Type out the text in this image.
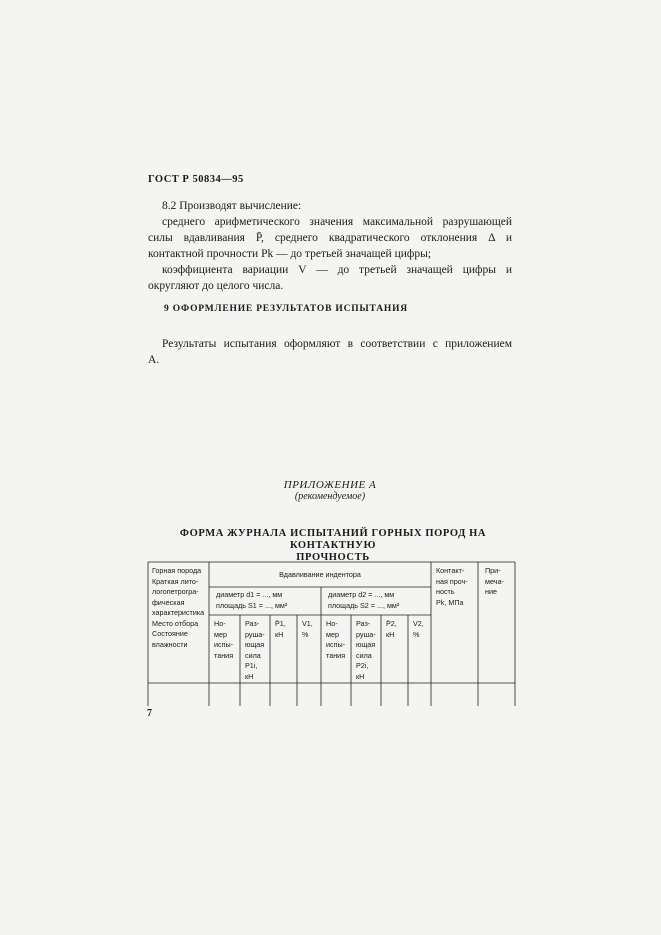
ГОСТ Р 50834—95
8.2 Производят вычисление:
среднего арифметического значения максимальной разрушающей
силы вдавливания P̄, среднего квадратического отклонения Δ и
контактной прочности Pk — до третьей значащей цифры;
коэффициента вариации V — до третьей значащей цифры и
округляют до целого числа.
9 ОФОРМЛЕНИЕ РЕЗУЛЬТАТОВ ИСПЫТАНИЯ
Результаты испытания оформляют в соответствии с приложением
А.
ПРИЛОЖЕНИЕ А
(рекомендуемое)
ФОРМА ЖУРНАЛА ИСПЫТАНИЙ ГОРНЫХ ПОРОД НА КОНТАКТНУЮ
ПРОЧНОСТЬ
Горная порода
Краткая лито-
логопетрогра-
фическая
характеристика
Место отбора
Состояние
влажности
Вдавливание индентора
диаметр d1 = ..., мм
площадь S1 = ..., мм²
диаметр d2 = ..., мм
площадь S2 = ..., мм²
Но-
мер
испы-
тания
Раз-
руша-
ющая
сила
P1i,
кН
P̄1,
кН
V1,
%
Но-
мер
испы-
тания
Раз-
руша-
ющая
сила
P2i,
кН
P̄2,
кН
V2,
%
Контакт-
ная проч-
ность
Pk, МПа
При-
меча-
ние
7
